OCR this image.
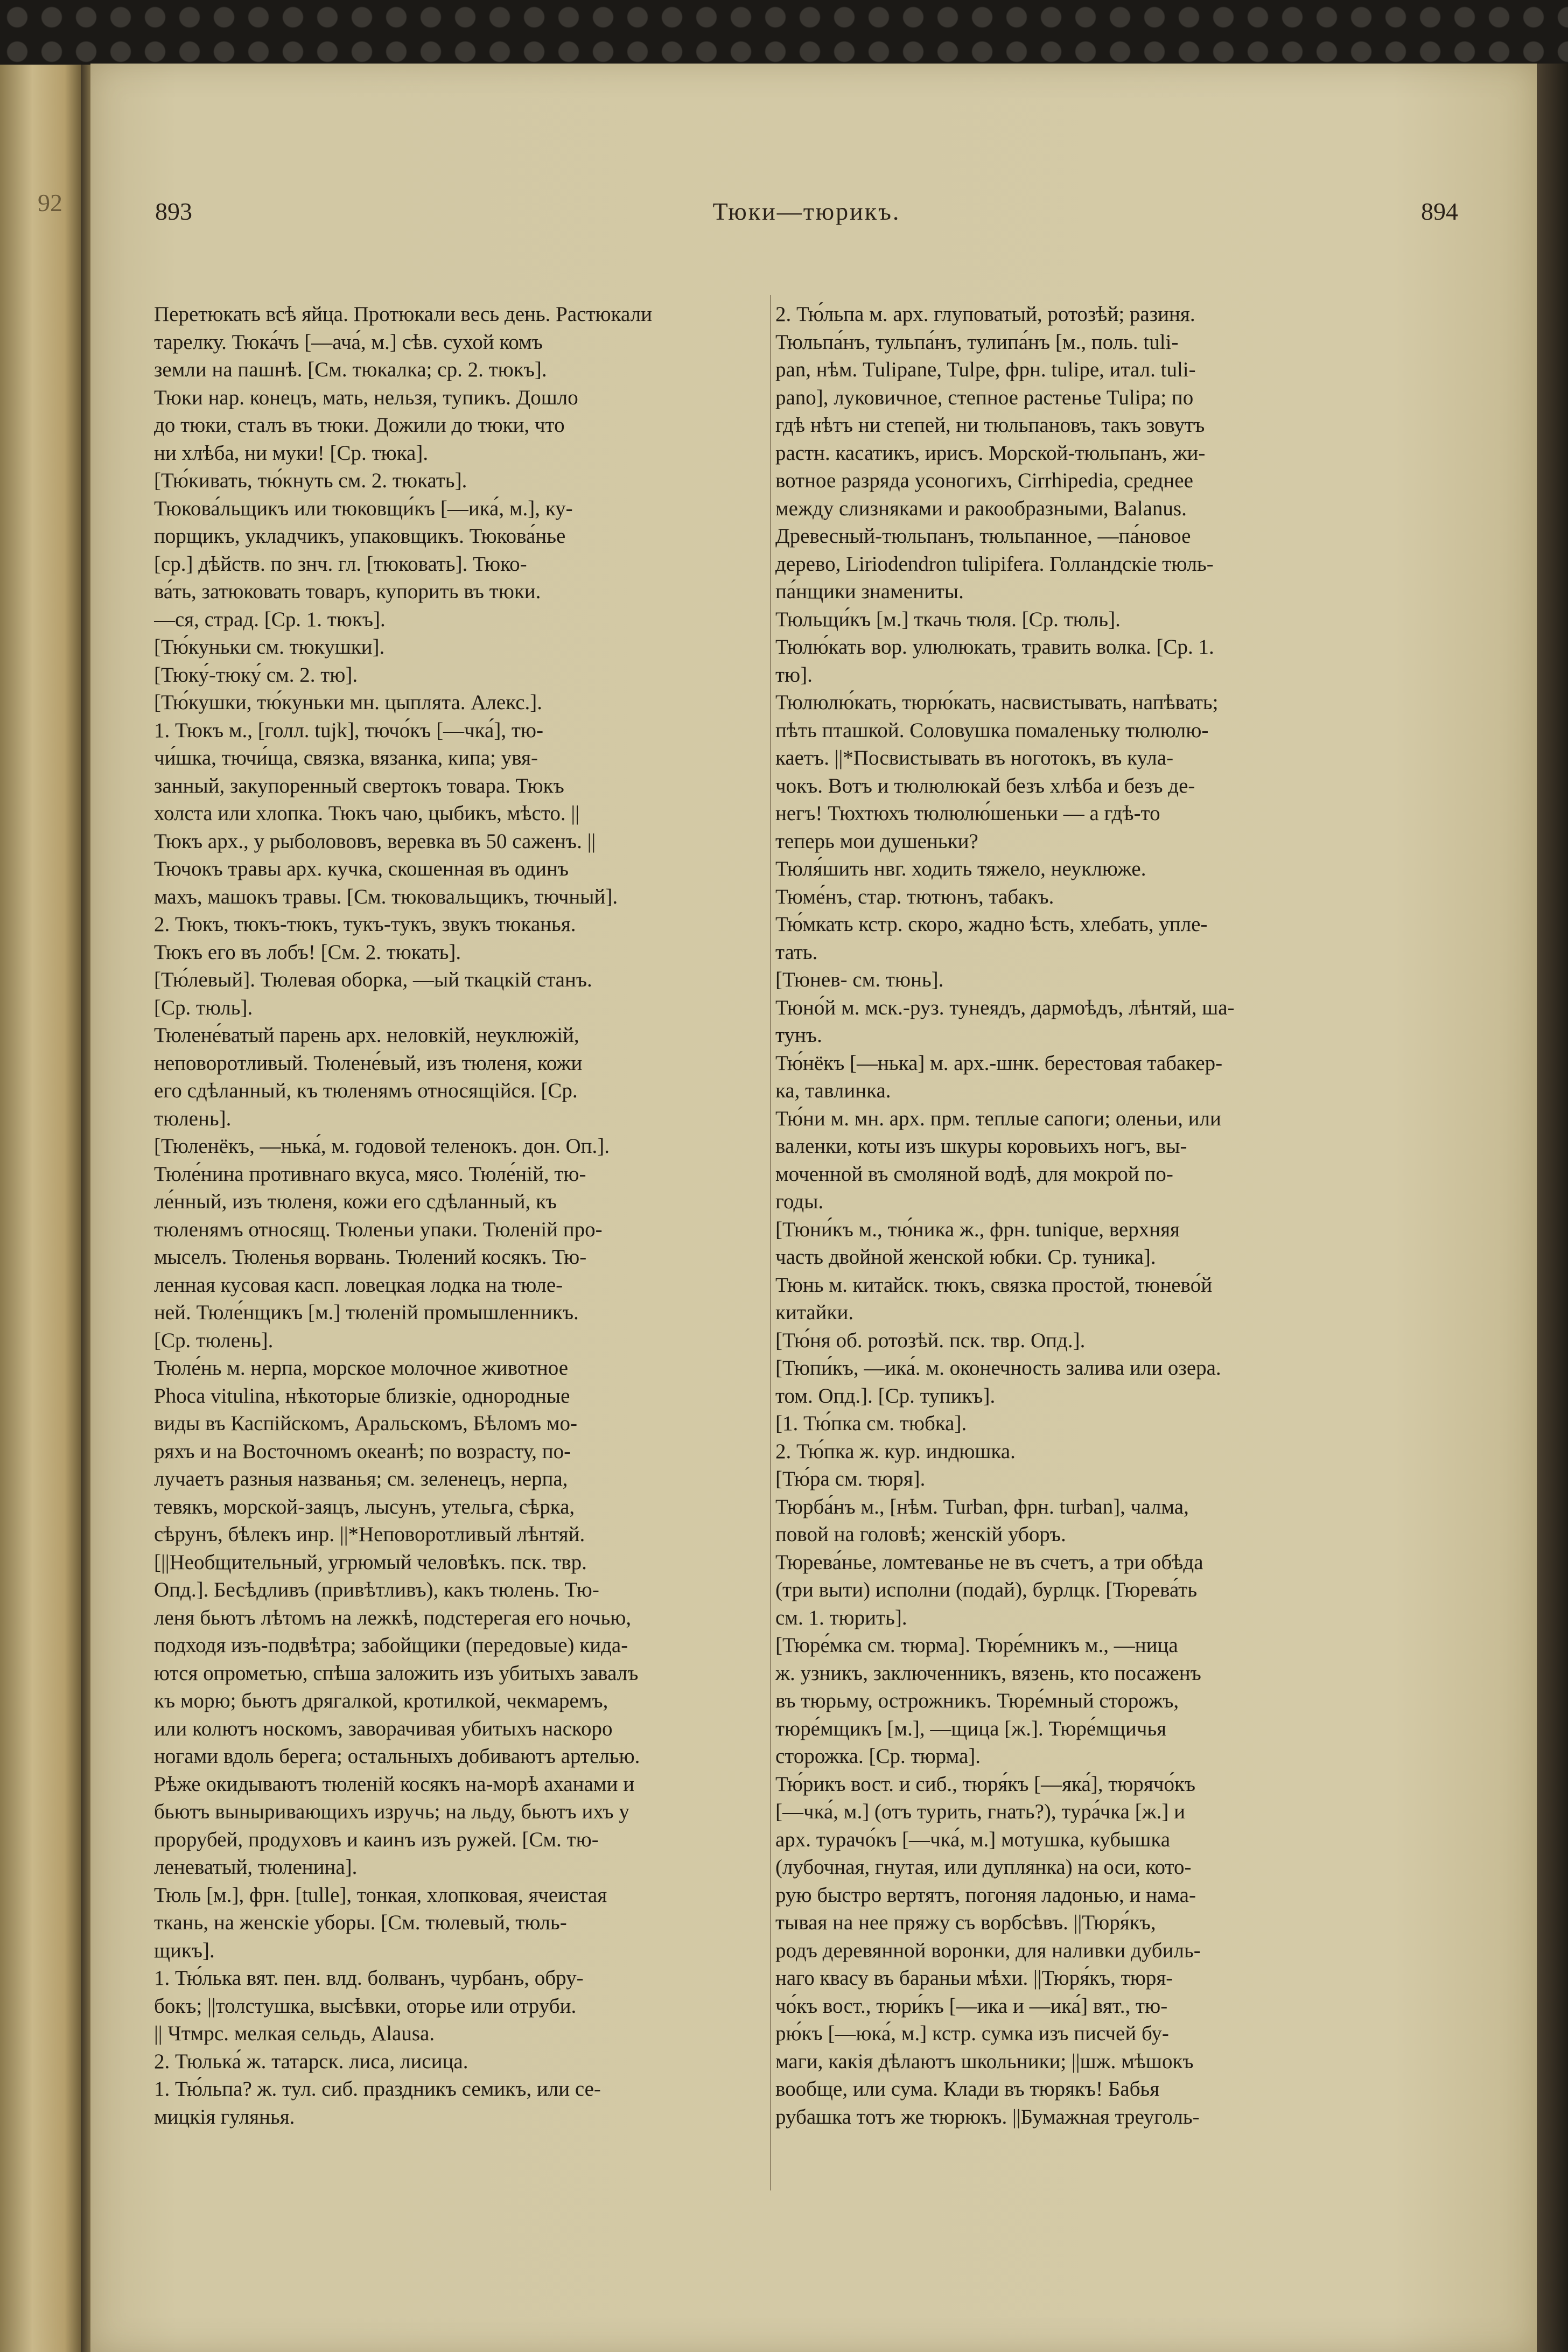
92	893	Тюки—тюрикъ.	894
Перетюкать всѣ яйца. Протюкали весь день. Растюкали
тарелку. Тюка́чъ [—ача́, м.] сѣв. сухой комъ
земли на пашнѣ. [См. тюкалка; ср. 2. тюкъ].
Тюки нар. конецъ, мать, нельзя, тупикъ. Дошло
до тюки, сталъ въ тюки. Дожили до тюки, что
ни хлѣба, ни муки! [Ср. тюка].
[Тю́кивать, тю́кнуть см. 2. тюкать].
Тюкова́льщикъ или тюковщи́къ [—ика́, м.], ку-
порщикъ, укладчикъ, упаковщикъ. Тюкова́нье
[ср.] дѣйств. по знч. гл. [тюковать]. Тюко-
ва́ть, затюковать товаръ, купорить въ тюки.
—ся, страд. [Ср. 1. тюкъ].
[Тю́куньки см. тюкушки].
[Тюку́-тюку́ см. 2. тю].
[Тю́кушки, тю́куньки мн. цыплята. Алекс.].
1. Тюкъ м., [голл. tujk], тючо́къ [—чка́], тю-
чи́шка, тючи́ща, связка, вязанка, кипа; увя-
занный, закупоренный свертокъ товара. Тюкъ
холста или хлопка. Тюкъ чаю, цыбикъ, мѣсто. ||
Тюкъ арх., у рыболововъ, веревка въ 50 саженъ. ||
Тючокъ травы арх. кучка, скошенная въ одинъ
махъ, машокъ травы. [См. тюковальщикъ, тючный].
2. Тюкъ, тюкъ-тюкъ, тукъ-тукъ, звукъ тюканья.
Тюкъ его въ лобъ! [См. 2. тюкать].
[Тю́левый]. Тюлевая оборка, —ый ткацкій станъ.
[Ср. тюль].
Тюлене́ватый парень арх. неловкій, неуклюжій,
неповоротливый. Тюлене́вый, изъ тюленя, кожи
его сдѣланный, къ тюленямъ относящійся. [Ср.
тюлень].
[Тюленёкъ, —нька́, м. годовой теленокъ. дон. Оп.].
Тюле́нина противнаго вкуса, мясо. Тюле́ній, тю-
ле́нный, изъ тюленя, кожи его сдѣланный, къ
тюленямъ относящ. Тюленьи упаки. Тюленій про-
мыселъ. Тюленья ворвань. Тюлений косякъ. Тю-
ленная кусовая касп. ловецкая лодка на тюле-
ней. Тюле́нщикъ [м.] тюленій промышленникъ.
[Ср. тюлень].
Тюле́нь м. нерпа, морское молочное животное
Phoca vitulina, нѣкоторые близкіе, однородные
виды въ Каспійскомъ, Аральскомъ, Бѣломъ мо-
ряхъ и на Восточномъ океанѣ; по возрасту, по-
лучаетъ разныя названья; см. зеленецъ, нерпа,
тевякъ, морской-заяцъ, лысунъ, утельга, сѣрка,
сѣрунъ, бѣлекъ инр. ||*Неповоротливый лѣнтяй.
[||Необщительный, угрюмый человѣкъ. пск. твр.
Опд.]. Бесѣдливъ (привѣтливъ), какъ тюлень. Тю-
леня бьютъ лѣтомъ на лежкѣ, подстерегая его ночью,
подходя изъ-подвѣтра; забойщики (передовые) кида-
ются опрометью, спѣша заложить изъ убитыхъ завалъ
къ морю; бьютъ дрягалкой, кротилкой, чекмаремъ,
или колютъ носкомъ, заворачивая убитыхъ наскоро
ногами вдоль берега; остальныхъ добиваютъ артелью.
Рѣже окидываютъ тюленій косякъ на-морѣ аханами и
бьютъ выныривающихъ изручь; на льду, бьютъ ихъ у
прорубей, продуховъ и каинъ изъ ружей. [См. тю-
леневатый, тюленина].
Тюль [м.], фрн. [tulle], тонкая, хлопковая, ячеистая
ткань, на женскіе уборы. [См. тюлевый, тюль-
щикъ].
1. Тю́лька вят. пен. влд. болванъ, чурбанъ, обру-
бокъ; ||толстушка, высѣвки, оторье или отруби.
|| Чтмрс. мелкая сельдь, Alausa.
2. Тюлька́ ж. татарск. лиса, лисица.
1. Тю́льпа? ж. тул. сиб. праздникъ семикъ, или се-
мицкія гулянья.
2. Тю́льпа м. арх. глуповатый, ротозѣй; разиня.
Тюльпа́нъ, тульпа́нъ, тулипа́нъ [м., поль. tuli-
pan, нѣм. Tulipane, Tulpe, фрн. tulipe, итал. tuli-
pano], луковичное, степное растенье Tulipa; по
гдѣ нѣтъ ни степей, ни тюльпановъ, такъ зовутъ
растн. касатикъ, ирисъ. Морской-тюльпанъ, жи-
вотное разряда усоногихъ, Cirrhipedia, среднее
между слизняками и ракообразными, Balanus.
Древесный-тюльпанъ, тюльпанное, —па́новое
дерево, Liriodendron tulipifera. Голландскіе тюль-
па́нщики знамениты.
Тюльщи́къ [м.] ткачь тюля. [Ср. тюль].
Тюлю́кать вор. улюлюкать, травить волка. [Ср. 1.
тю].
Тюлюлю́кать, тюрю́кать, насвистывать, напѣвать;
пѣть пташкой. Соловушка помаленьку тюлюлю-
каетъ. ||*Посвистывать въ ноготокъ, въ кула-
чокъ. Вотъ и тюлюлюкай безъ хлѣба и безъ де-
негъ! Тюхтюхъ тюлюлю́шеньки — а гдѣ-то
теперь мои душеньки?
Тюля́шить нвг. ходить тяжело, неуклюже.
Тюме́нъ, стар. тютюнъ, табакъ.
Тю́мкать кстр. скоро, жадно ѣсть, хлебать, упле-
тать.
[Тюнев- см. тюнь].
Тюно́й м. мск.-руз. тунеядъ, дармоѣдъ, лѣнтяй, ша-
тунъ.
Тю́нёкъ [—нька] м. арх.-шнк. берестовая табакер-
ка, тавлинка.
Тю́ни м. мн. арх. прм. теплые сапоги; оленьи, или
валенки, коты изъ шкуры коровьихъ ногъ, вы-
моченной въ смоляной водѣ, для мокрой по-
годы.
[Тюни́къ м., тю́ника ж., фрн. tunique, верхняя
часть двойной женской юбки. Ср. туника].
Тюнь м. китайск. тюкъ, связка простой, тюнево́й
китайки.
[Тю́ня об. ротозѣй. пск. твр. Опд.].
[Тюпи́къ, —ика́. м. оконечность залива или озера.
том. Опд.]. [Ср. тупикъ].
[1. Тю́пка см. тюбка].
2. Тю́пка ж. кур. индюшка.
[Тю́ра см. тюря].
Тюрба́нъ м., [нѣм. Turban, фрн. turban], чалма,
повой на головѣ; женскій уборъ.
Тюрева́нье, ломтеванье не въ счетъ, а три обѣда
(три выти) исполни (подай), бурлцк. [Тюрева́ть
см. 1. тюрить].
[Тюре́мка см. тюрма]. Тюре́мникъ м., —ница
ж. узникъ, заключенникъ, вязень, кто посаженъ
въ тюрьму, острожникъ. Тюре́мный сторожъ,
тюре́мщикъ [м.], —щица [ж.]. Тюре́мщичья
сторожка. [Ср. тюрма].
Тю́рикъ вост. и сиб., тюря́къ [—яка́], тюрячо́къ
[—чка́, м.] (отъ турить, гнать?), тура́чка [ж.] и
арх. турачо́къ [—чка́, м.] мотушка, кубышка
(лубочная, гнутая, или дуплянка) на оси, кото-
рую быстро вертятъ, погоняя ладонью, и нама-
тывая на нее пряжу съ ворбсѣвъ. ||Тюря́къ,
родъ деревянной воронки, для наливки дубиль-
наго квасу въ бараньи мѣхи. ||Тюря́къ, тюря-
чо́къ вост., тюри́къ [—ика и —ика́] вят., тю-
рю́къ [—юка́, м.] кстр. сумка изъ писчей бу-
маги, какія дѣлаютъ школьники; ||шж. мѣшокъ
вообще, или сума. Клади въ тюрякъ! Бабья
рубашка тотъ же тюрюкъ. ||Бумажная треуголь-
